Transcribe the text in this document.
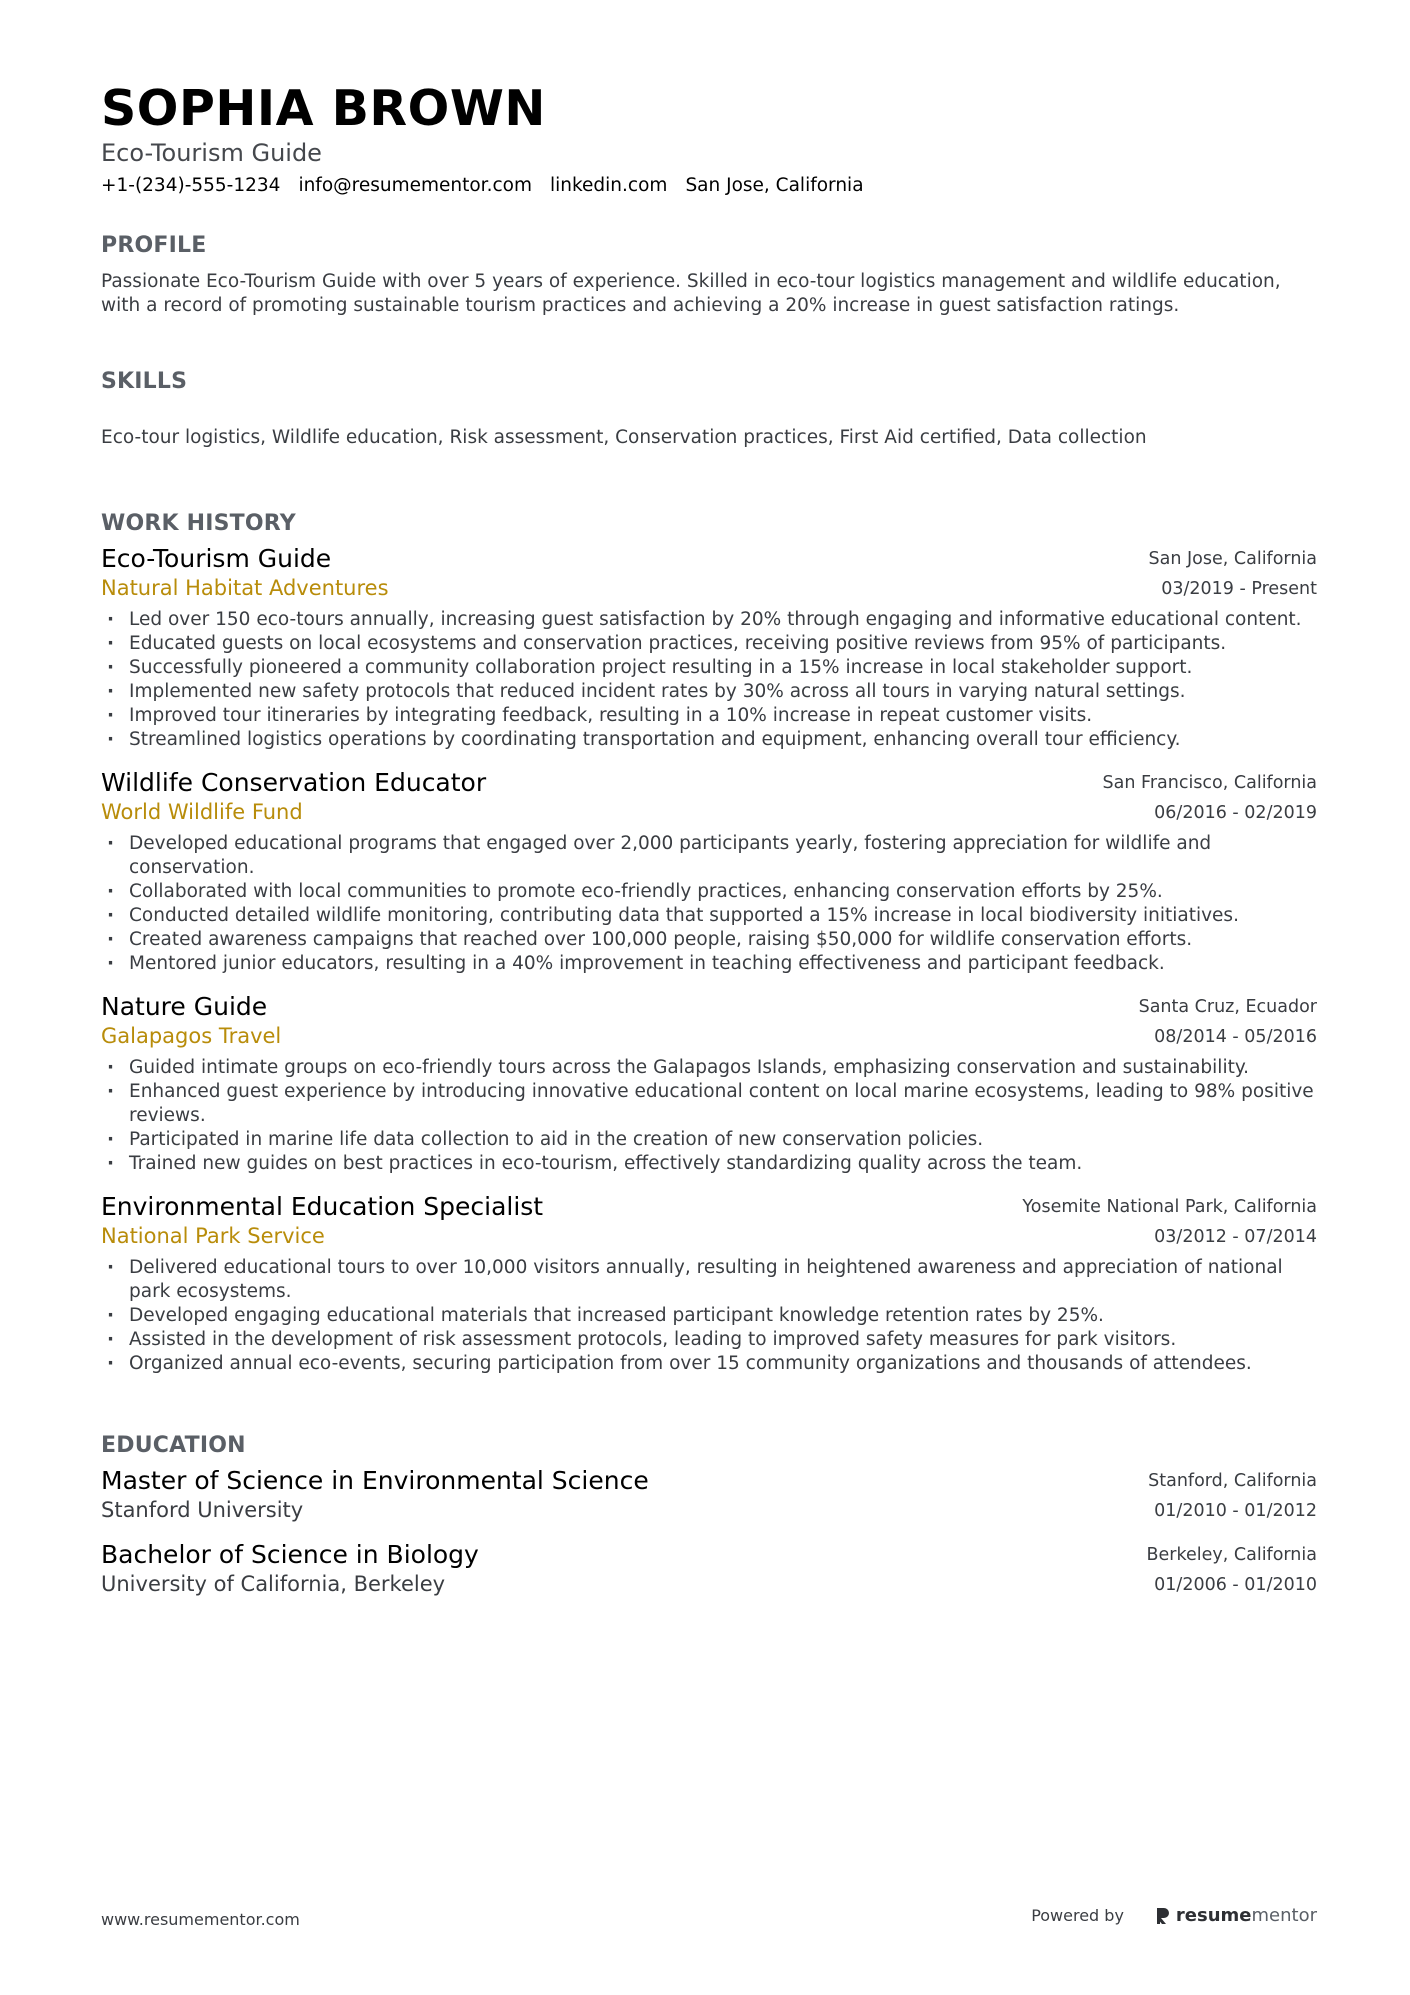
SOPHIA BROWN
Eco-Tourism Guide
+1-(234)-555-1234 info@resumementor.com linkedin.com San Jose, California
PROFILE
Passionate Eco-Tourism Guide with over 5 years of experience. Skilled in eco-tour logistics management and wildlife education, with a record of promoting sustainable tourism practices and achieving a 20% increase in guest satisfaction ratings.
SKILLS
Eco-tour logistics, Wildlife education, Risk assessment, Conservation practices, First Aid certified, Data collection
WORK HISTORY
Eco-Tourism Guide
Natural Habitat Adventures
San Jose, California
03/2019 - Present
· Led over 150 eco-tours annually, increasing guest satisfaction by 20% through engaging and informative educational content.
· Educated guests on local ecosystems and conservation practices, receiving positive reviews from 95% of participants.
· Successfully pioneered a community collaboration project resulting in a 15% increase in local stakeholder support.
· Implemented new safety protocols that reduced incident rates by 30% across all tours in varying natural settings.
· Improved tour itineraries by integrating feedback, resulting in a 10% increase in repeat customer visits.
· Streamlined logistics operations by coordinating transportation and equipment, enhancing overall tour efficiency.
Wildlife Conservation Educator
World Wildlife Fund
San Francisco, California
06/2016 - 02/2019
· Developed educational programs that engaged over 2,000 participants yearly, fostering appreciation for wildlife and conservation.
· Collaborated with local communities to promote eco-friendly practices, enhancing conservation efforts by 25%.
· Conducted detailed wildlife monitoring, contributing data that supported a 15% increase in local biodiversity initiatives.
· Created awareness campaigns that reached over 100,000 people, raising $50,000 for wildlife conservation efforts.
· Mentored junior educators, resulting in a 40% improvement in teaching effectiveness and participant feedback.
Nature Guide
Galapagos Travel
Santa Cruz, Ecuador
08/2014 - 05/2016
· Guided intimate groups on eco-friendly tours across the Galapagos Islands, emphasizing conservation and sustainability.
· Enhanced guest experience by introducing innovative educational content on local marine ecosystems, leading to 98% positive reviews.
· Participated in marine life data collection to aid in the creation of new conservation policies.
· Trained new guides on best practices in eco-tourism, effectively standardizing quality across the team.
Environmental Education Specialist
National Park Service
Yosemite National Park, California
03/2012 - 07/2014
· Delivered educational tours to over 10,000 visitors annually, resulting in heightened awareness and appreciation of national park ecosystems.
· Developed engaging educational materials that increased participant knowledge retention rates by 25%.
· Assisted in the development of risk assessment protocols, leading to improved safety measures for park visitors.
· Organized annual eco-events, securing participation from over 15 community organizations and thousands of attendees.
EDUCATION
Master of Science in Environmental Science
Stanford University
Stanford, California
01/2010 - 01/2012
Bachelor of Science in Biology
University of California, Berkeley
Berkeley, California
01/2006 - 01/2010
www.resumementor.com	Powered by	resumementor
